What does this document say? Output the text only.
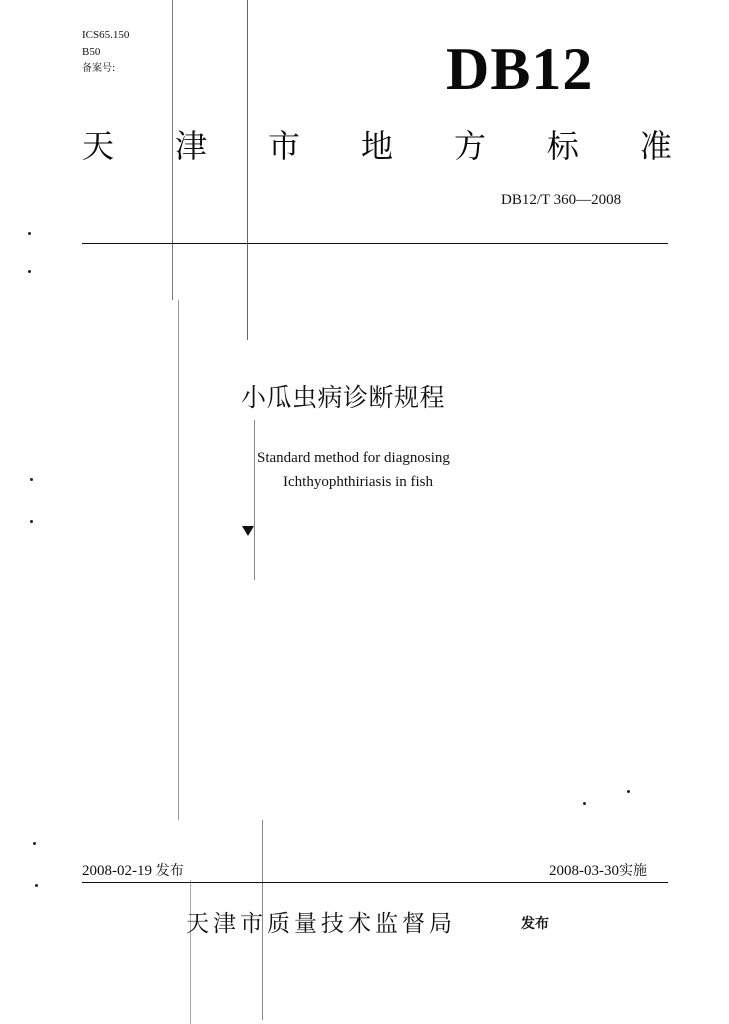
ICS65.150
B50
备案号:	DB12
天 津 市 地 方 标 准
DB12/T 360—2008
小瓜虫病诊断规程
Standard method for diagnosing
Ichthyophthiriasis in fish
2008-02-19 发布	2008-03-30实施
天津市质量技术监督局	发布
